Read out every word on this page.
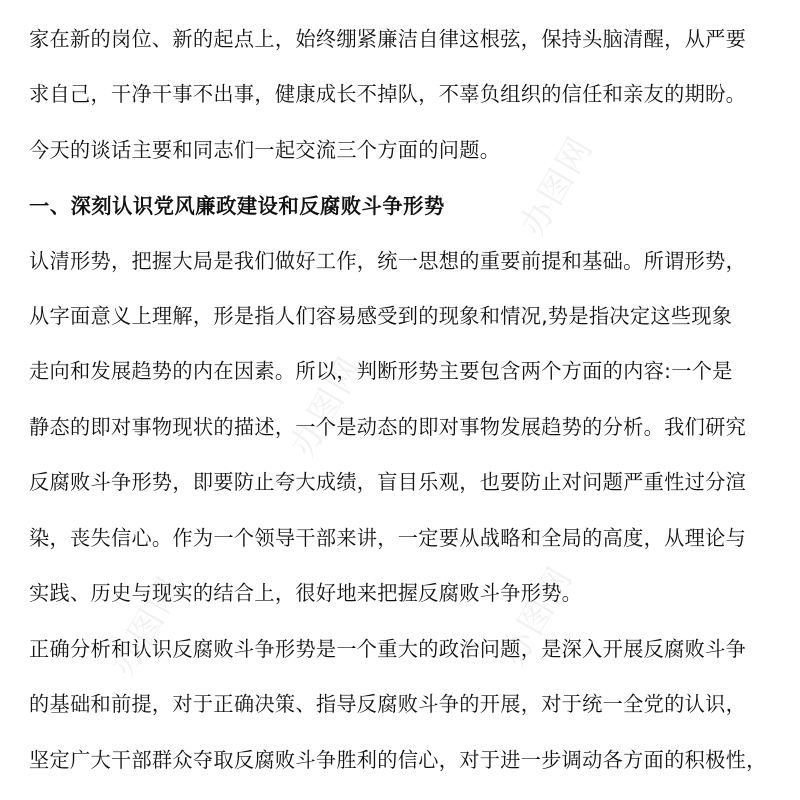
办图网
办图网
办图网	办图网
家在新的岗位、新的起点上，始终绷紧廉洁自律这根弦，保持头脑清醒，从严要
求自己，干净干事不出事，健康成长不掉队，不辜负组织的信任和亲友的期盼。
今天的谈话主要和同志们一起交流三个方面的问题。
一、深刻认识党风廉政建设和反腐败斗争形势
认清形势，把握大局是我们做好工作，统一思想的重要前提和基础。所谓形势，
从字面意义上理解，形是指人们容易感受到的现象和情况,势是指决定这些现象
走向和发展趋势的内在因素。所以，判断形势主要包含两个方面的内容:一个是
静态的即对事物现状的描述，一个是动态的即对事物发展趋势的分析。我们研究
反腐败斗争形势，即要防止夸大成绩，盲目乐观，也要防止对问题严重性过分渲
染，丧失信心。作为一个领导干部来讲，一定要从战略和全局的高度，从理论与
实践、历史与现实的结合上，很好地来把握反腐败斗争形势。
正确分析和认识反腐败斗争形势是一个重大的政治问题，是深入开展反腐败斗争
的基础和前提，对于正确决策、指导反腐败斗争的开展，对于统一全党的认识，
坚定广大干部群众夺取反腐败斗争胜利的信心，对于进一步调动各方面的积极性，
